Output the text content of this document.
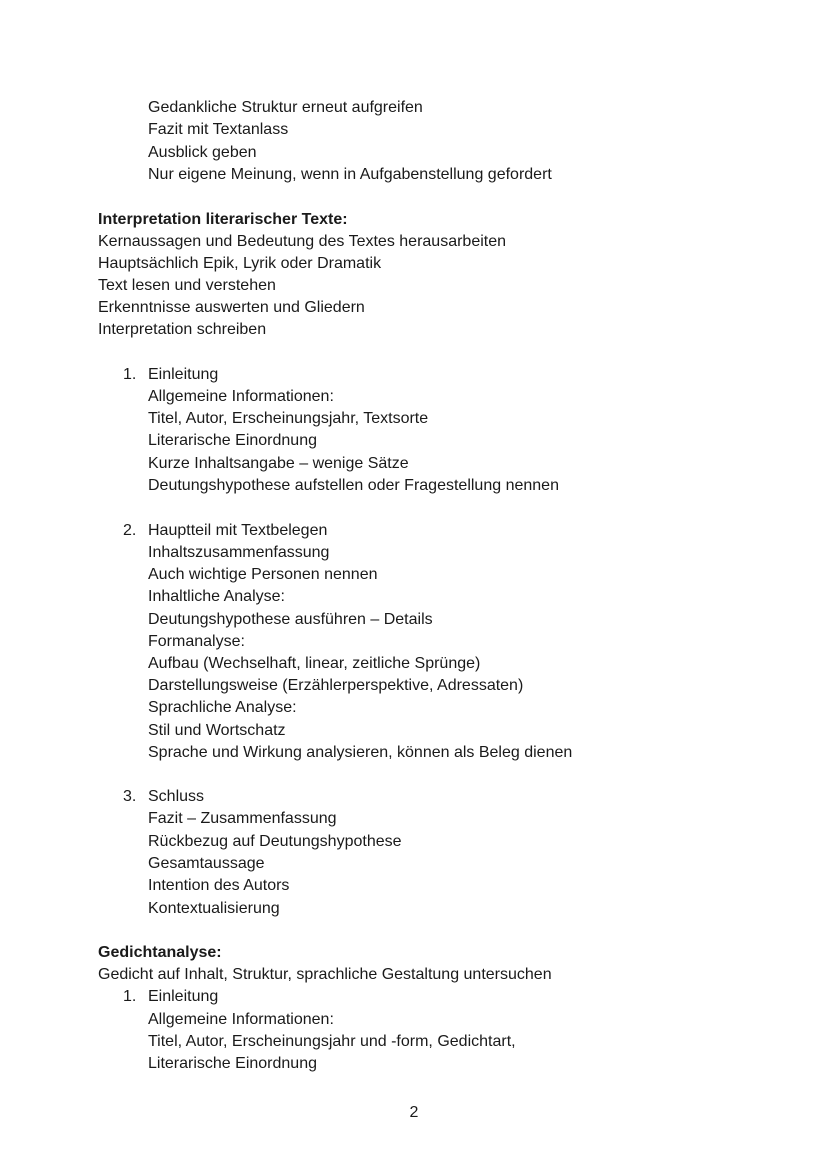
Gedankliche Struktur erneut aufgreifen
Fazit mit Textanlass
Ausblick geben
Nur eigene Meinung, wenn in Aufgabenstellung gefordert
Interpretation literarischer Texte:
Kernaussagen und Bedeutung des Textes herausarbeiten
Hauptsächlich Epik, Lyrik oder Dramatik
Text lesen und verstehen
Erkenntnisse auswerten und Gliedern
Interpretation schreiben
1. Einleitung
Allgemeine Informationen:
Titel, Autor, Erscheinungsjahr, Textsorte
Literarische Einordnung
Kurze Inhaltsangabe – wenige Sätze
Deutungshypothese aufstellen oder Fragestellung nennen
2. Hauptteil mit Textbelegen
Inhaltszusammenfassung
Auch wichtige Personen nennen
Inhaltliche Analyse:
Deutungshypothese ausführen – Details
Formanalyse:
Aufbau (Wechselhaft, linear, zeitliche Sprünge)
Darstellungsweise (Erzählerperspektive, Adressaten)
Sprachliche Analyse:
Stil und Wortschatz
Sprache und Wirkung analysieren, können als Beleg dienen
3. Schluss
Fazit – Zusammenfassung
Rückbezug auf Deutungshypothese
Gesamtaussage
Intention des Autors
Kontextualisierung
Gedichtanalyse:
Gedicht auf Inhalt, Struktur, sprachliche Gestaltung untersuchen
1. Einleitung
Allgemeine Informationen:
Titel, Autor, Erscheinungsjahr und -form, Gedichtart,
Literarische Einordnung
2
